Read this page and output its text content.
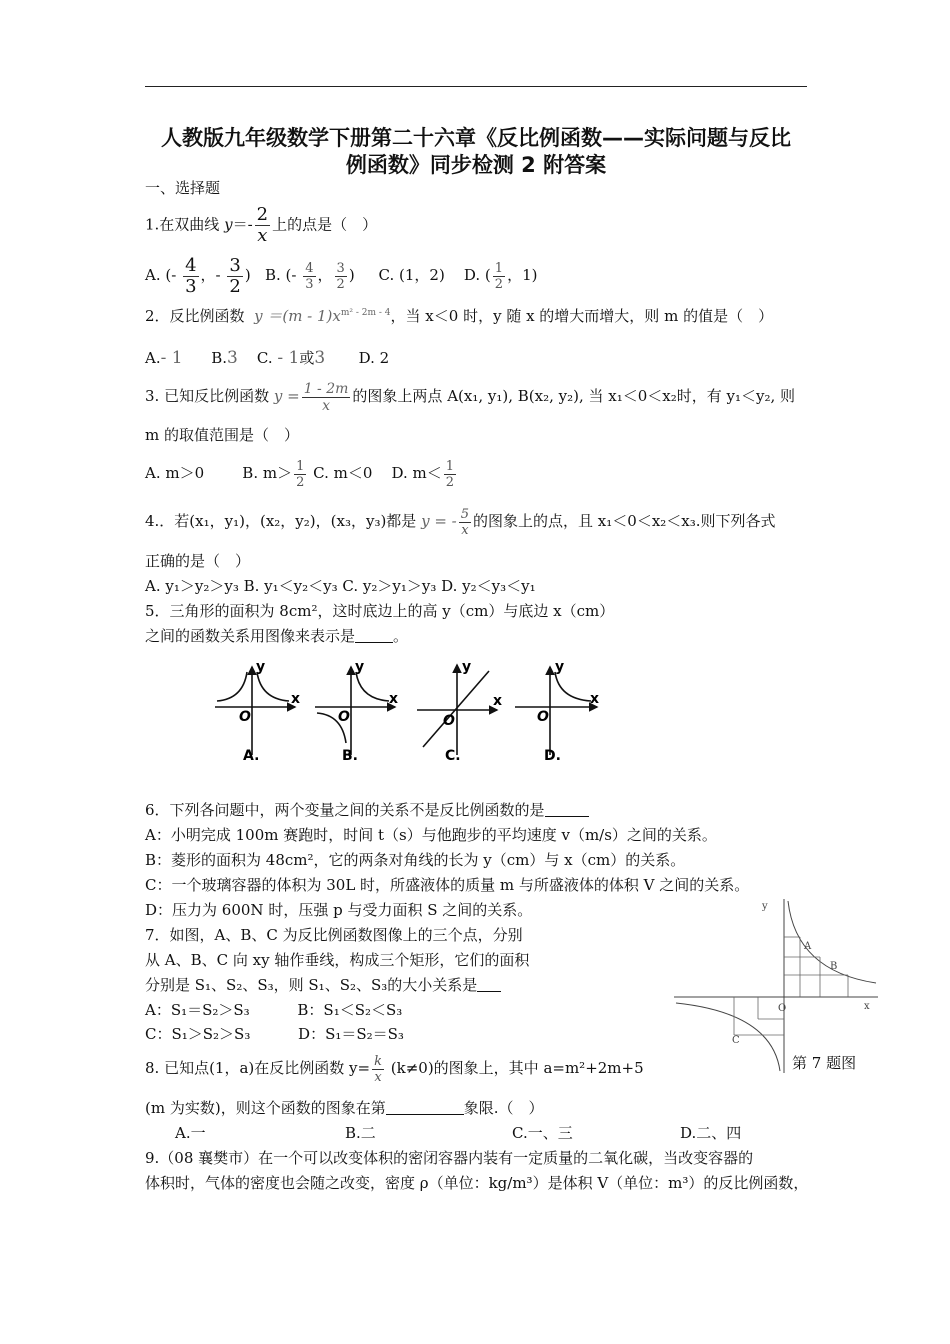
人教版九年级数学下册第二十六章《反比例函数——实际问题与反比
例函数》同步检测 2 附答案
一、选择题
1.在双曲线 $y=- \frac{2}{x}$ 上的点是（　）
A. (- $\frac{4}{3}$ ，- $\frac{3}{2}$ )   B. (- $\frac{4}{3}$ ， $\frac{3}{2}$ )     C. (1，2) D. ( $\frac{1}{2}$ ，1)
2．反比例函数 $y =(m - 1)x^{m^2 - 2m - 4}$，当 x＜0 时，y 随 x 的增大而增大，则 m 的值是（　）
A.- 1 B.3 C. - 1或3 D. 2
3. 已知反比例函数 $y = \frac{1 - 2m}{x}$ 的图象上两点 A(x₁, y₁), B(x₂, y₂), 当 x₁＜0＜x₂时，有 y₁＜y₂, 则
m 的取值范围是（　）
A. m＞0	B. $m> \frac{1}{2} C$. m＜0 D. $m< \frac{1}{2}$
4.．若(x₁，y₁)，(x₂，y₂)，(x₃，y₃)都是 y = - $\frac{5}{x}$ 的图象上的点，且 x₁＜0＜x₂＜x₃.则下列各式
正确的是（　）
A. y₁＞y₂＞y₃ B. y₁＜y₂＜y₃ C. y₂＞y₁＞y₃ D. y₂＜y₃＜y₁
5．三角形的面积为 8cm²，这时底边上的高 y（cm）与底边 x（cm）
之间的函数关系用图像来表示是	。
y
x
O
A.
y
x
O
B.
y
x
O
C.
y
x
O
D.
6．下列各问题中，两个变量之间的关系不是反比例函数的是
A：小明完成 100m 赛跑时，时间 t（s）与他跑步的平均速度 v（m/s）之间的关系。
B：菱形的面积为 48cm²，它的两条对角线的长为 y（cm）与 x（cm）的关系。
C：一个玻璃容器的体积为 30L 时，所盛液体的质量 m 与所盛液体的体积 V 之间的关系。
D：压力为 600N 时，压强 p 与受力面积 S 之间的关系。
7．如图，A、B、C 为反比例函数图像上的三个点，分别
从 A、B、C 向 xy 轴作垂线，构成三个矩形，它们的面积
分别是 S₁、S₂、S₃，则 S₁、S₂、S₃的大小关系是
A：S₁＝S₂＞S₃	B：S₁＜S₂＜S₃
C：S₁＞S₂＞S₃	D：S₁＝S₂＝S₃
y
x
O
A
B
C
第 7 题图
8. 已知点(1，a)在反比例函数 $y= \frac{k}{x} (k\ne 0)$的图象上，其中 a=m²+2m+5
(m 为实数)，则这个函数的图象在第	象限.（　）
A.一	B.二	C.一、三	D.二、四
9.（08 襄樊市）在一个可以改变体积的密闭容器内装有一定质量的二氧化碳，当改变容器的
体积时，气体的密度也会随之改变，密度 ρ（单位：kg/m³）是体积 V（单位：m³）的反比例函数，
